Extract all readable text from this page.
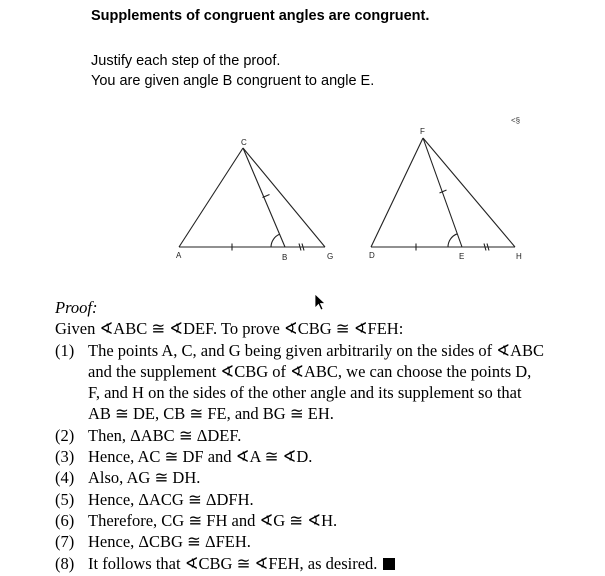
Supplements of congruent angles are congruent.
Justify each step of the proof.
You are given angle B congruent to angle E.
<§
C
A	B	G
F
D	E	H
Proof:
Given ∢ABC ≅ ∢DEF. To prove ∢CBG ≅ ∢FEH:
(1) The points A, C, and G being given arbitrarily on the sides of ∢ABC
and the supplement ∢CBG of ∢ABC, we can choose the points D,
F, and H on the sides of the other angle and its supplement so that
AB ≅ DE, CB ≅ FE, and BG ≅ EH.
(2) Then, ΔABC ≅ ΔDEF.
(3) Hence, AC ≅ DF and ∢A ≅ ∢D.
(4) Also, AG ≅ DH.
(5) Hence, ΔACG ≅ ΔDFH.
(6) Therefore, CG ≅ FH and ∢G ≅ ∢H.
(7) Hence, ΔCBG ≅ ΔFEH.
(8) It follows that ∢CBG ≅ ∢FEH, as desired.
